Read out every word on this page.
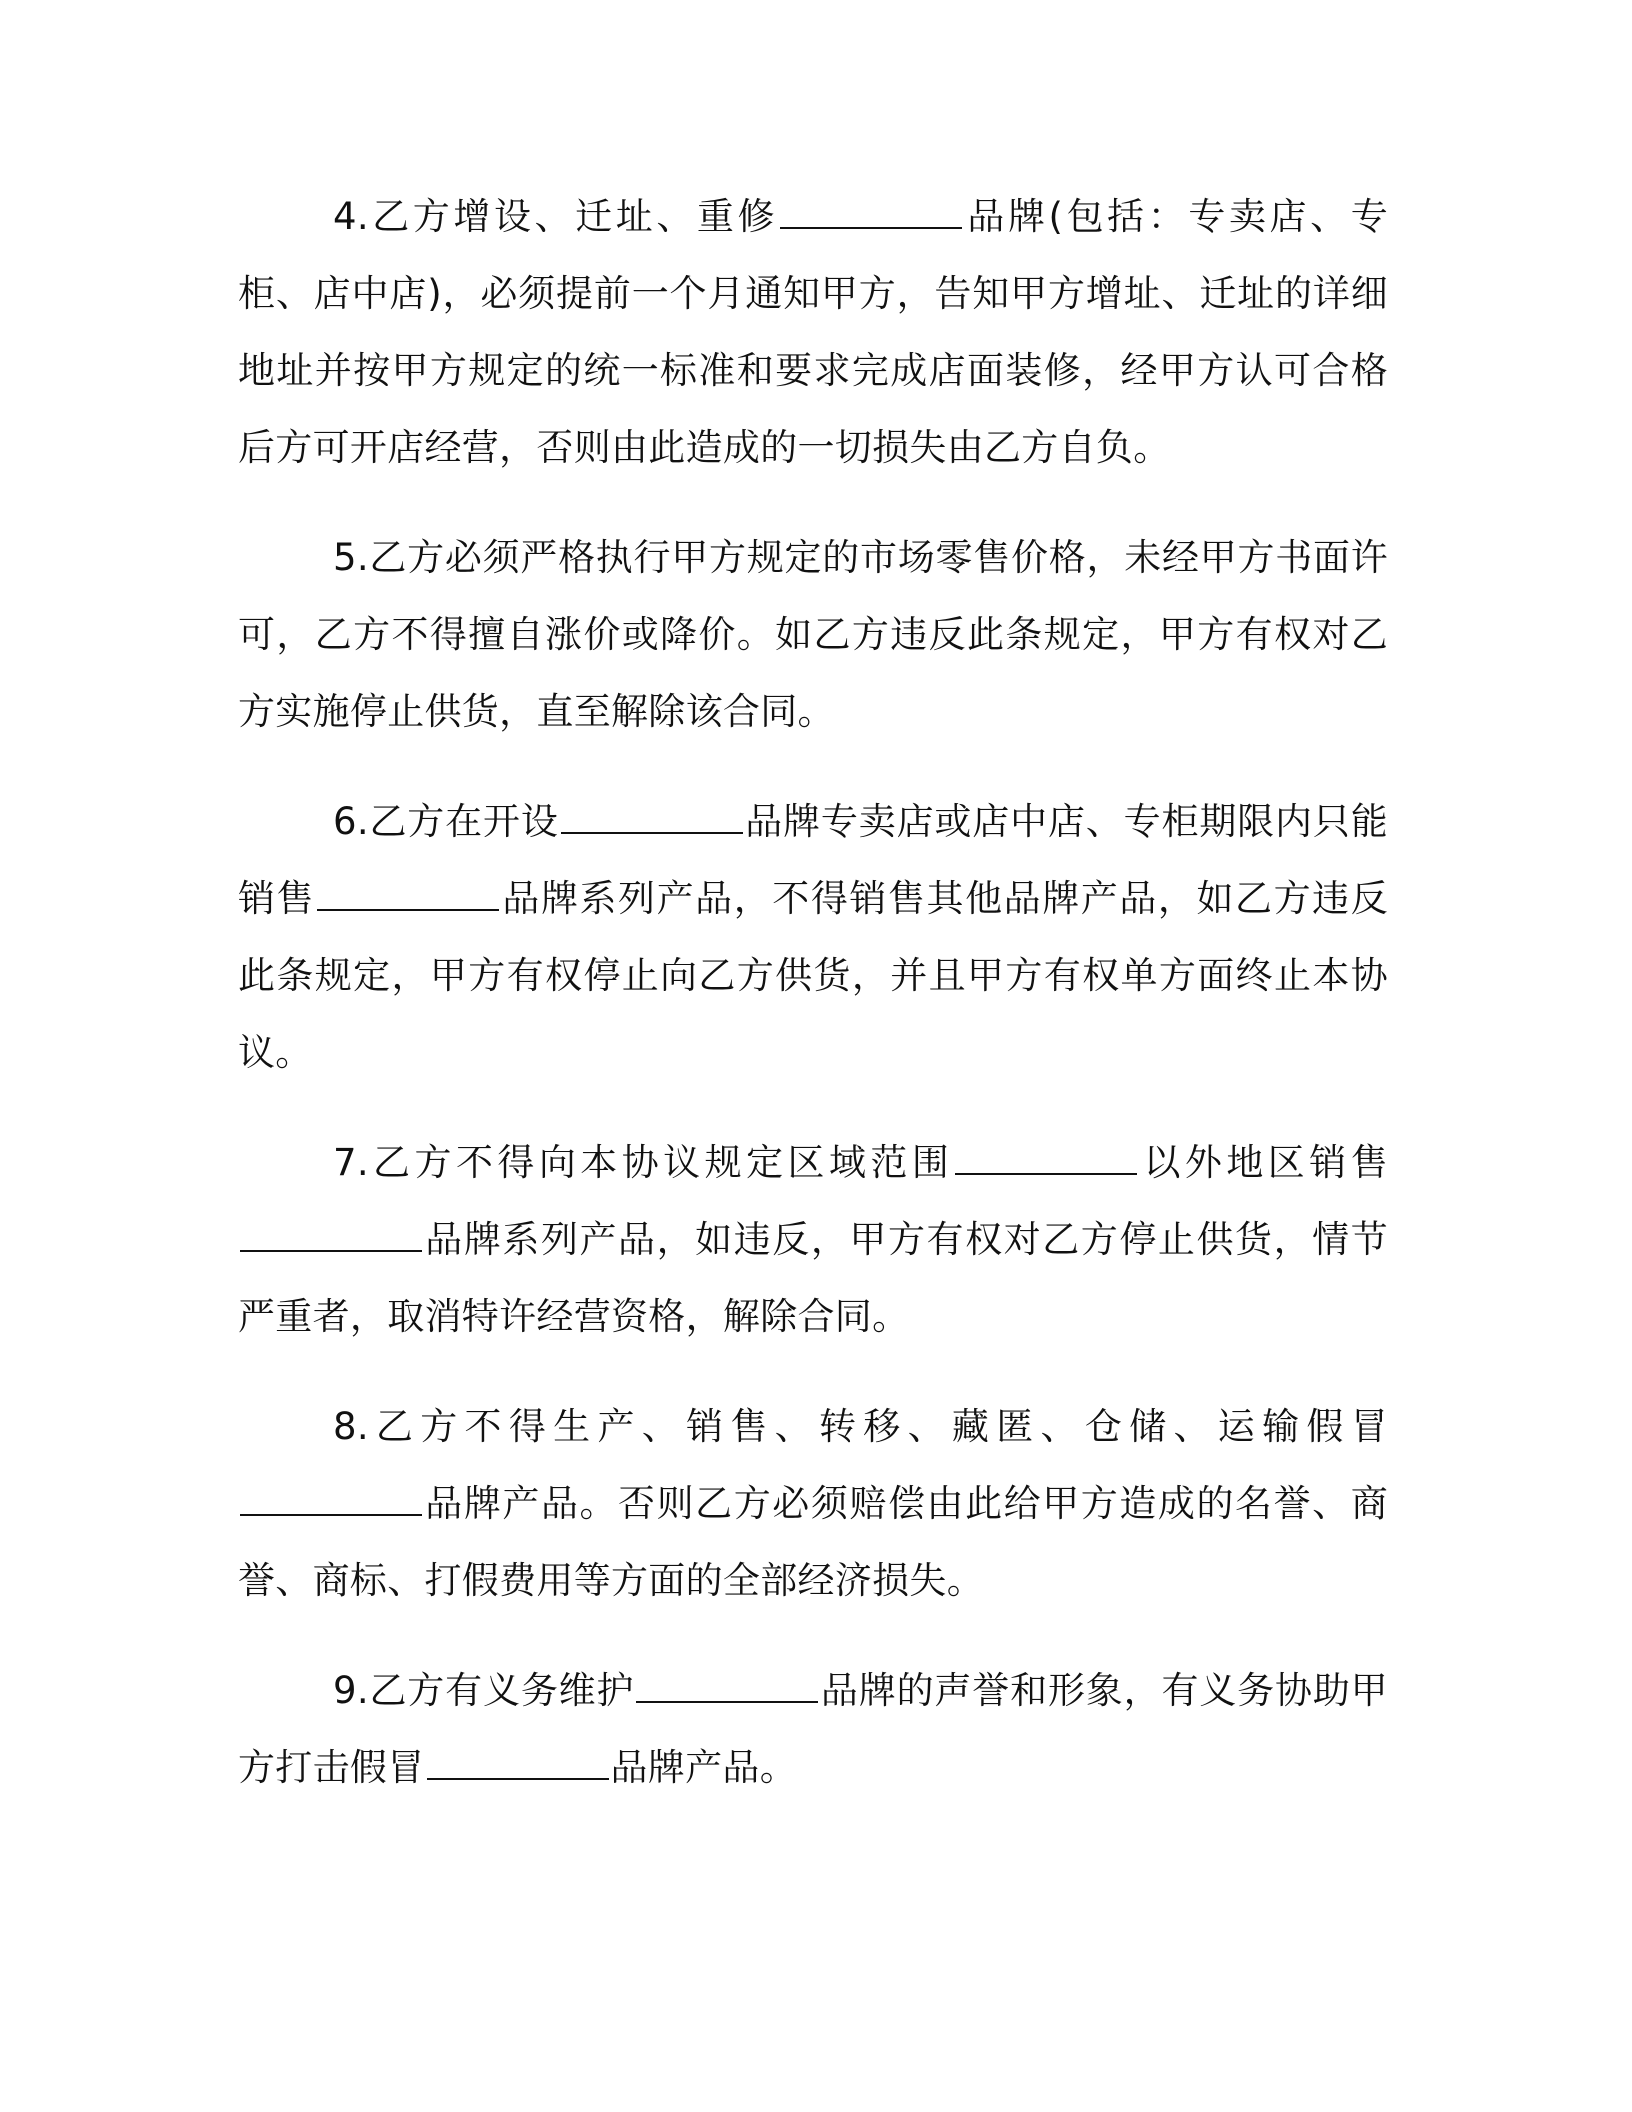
4.乙方增设、迁址、重修	品牌(包括：专卖店、专柜、店中店)，必须提前一个月通知甲方，告知甲方增址、迁址的详细地址并按甲方规定的统一标准和要求完成店面装修，经甲方认可合格后方可开店经营，否则由此造成的一切损失由乙方自负。

5.乙方必须严格执行甲方规定的市场零售价格，未经甲方书面许可，乙方不得擅自涨价或降价。如乙方违反此条规定，甲方有权对乙方实施停止供货，直至解除该合同。

6.乙方在开设	品牌专卖店或店中店、专柜期限内只能销售	品牌系列产品，不得销售其他品牌产品，如乙方违反此条规定，甲方有权停止向乙方供货，并且甲方有权单方面终止本协议。

7.乙方不得向本协议规定区域范围	以外地区销售品牌系列产品，如违反，甲方有权对乙方停止供货，情节严重者，取消特许经营资格，解除合同。

8.乙方不得生产、销售、转移、藏匿、仓储、运输假冒品牌产品。否则乙方必须赔偿由此给甲方造成的名誉、商誉、商标、打假费用等方面的全部经济损失。

9.乙方有义务维护	品牌的声誉和形象，有义务协助甲方打击假冒	品牌产品。
